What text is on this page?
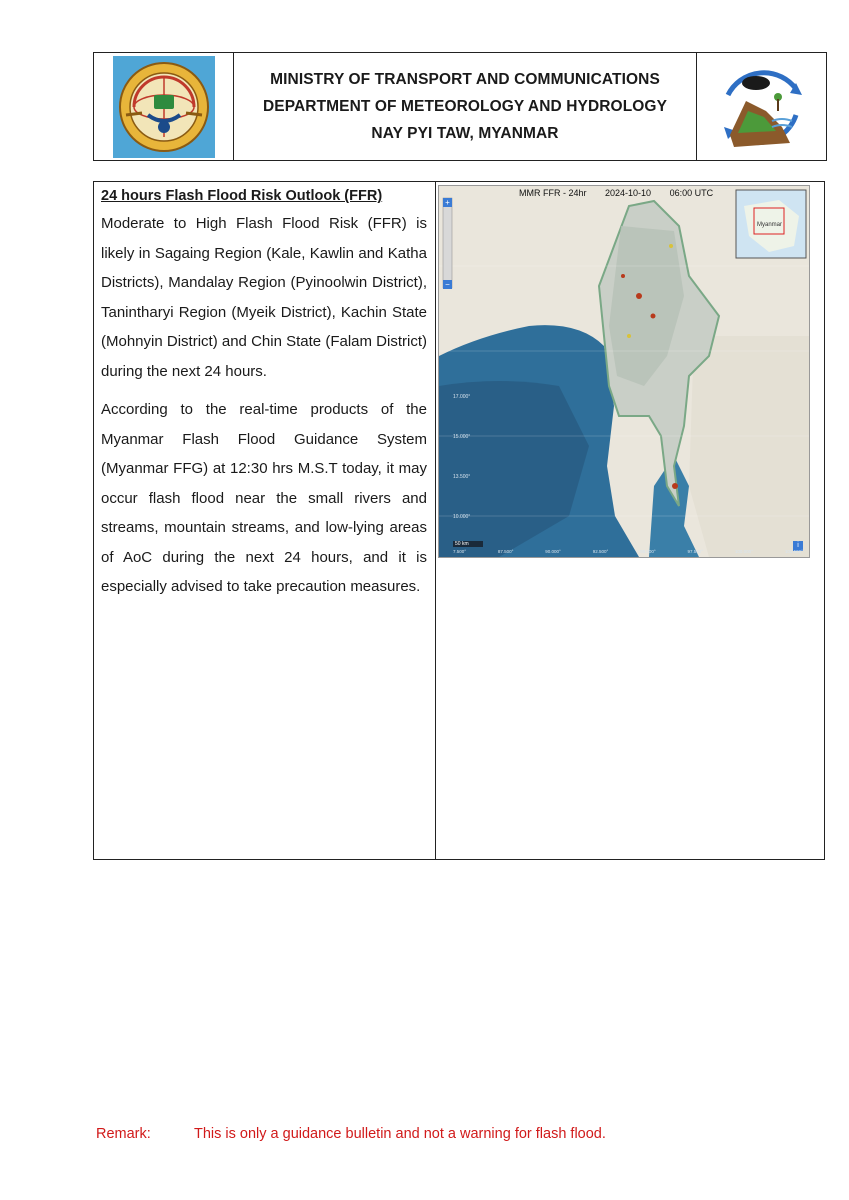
MINISTRY OF TRANSPORT AND COMMUNICATIONS
DEPARTMENT OF METEOROLOGY AND HYDROLOGY
NAY PYI TAW, MYANMAR
24 hours Flash Flood Risk Outlook (FFR)

Moderate to High Flash Flood Risk (FFR) is likely in Sagaing Region (Kale, Kawlin and Katha Districts), Mandalay Region (Pyinoolwin District), Tanintharyi Region (Myeik District), Kachin State (Mohnyin District) and Chin State (Falam District) during the next 24 hours.

According to the real-time products of the Myanmar Flash Flood Guidance System (Myanmar FFG) at 12:30 hrs M.S.T today, it may occur flash flood near the small rivers and streams, mountain streams, and low-lying areas of AoC during the next 24 hours, and it is especially advised to take precaution measures.

MMR FFR - 24hr 2024-10-10 06:00 UTC
Myanmar
50 km
+
−
i
17.000°
15.000°
13.500°
10.000°
7.500°	87.500°	90.000°	92.500°	95.000°	97.500°	100.000°	102.500°
Remark:	This is only a guidance bulletin and not a warning for flash flood.
